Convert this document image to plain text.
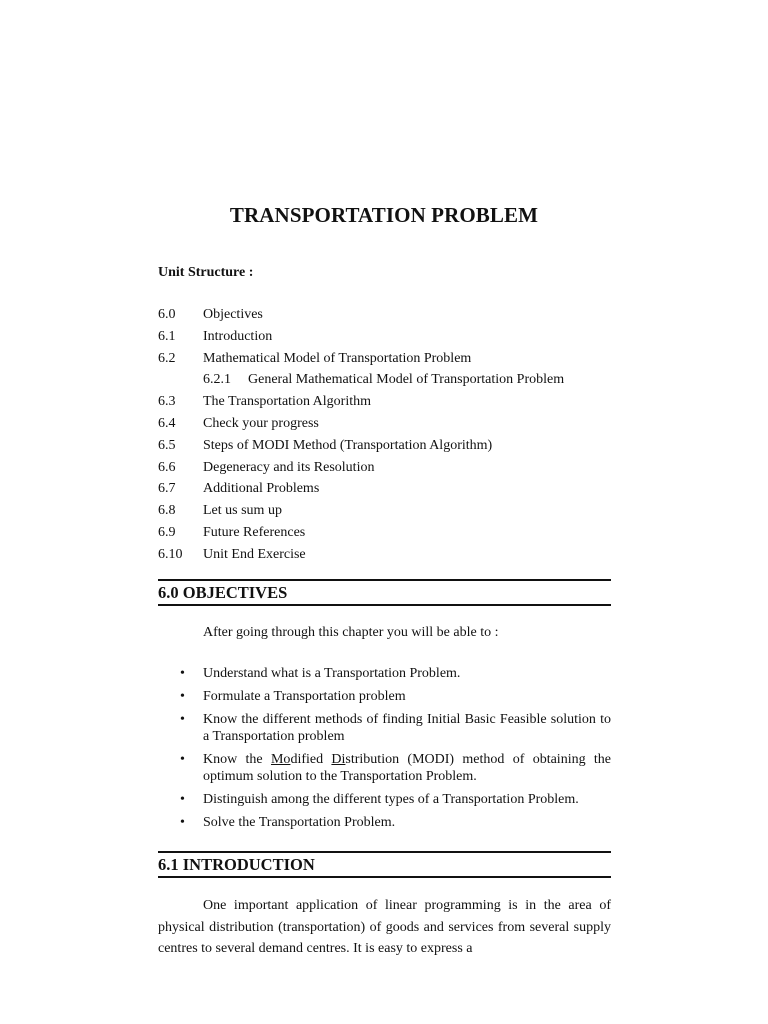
TRANSPORTATION PROBLEM
Unit Structure :
6.0 Objectives
6.1 Introduction
6.2 Mathematical Model of Transportation Problem
6.2.1 General Mathematical Model of Transportation Problem
6.3 The Transportation Algorithm
6.4 Check your progress
6.5 Steps of MODI Method (Transportation Algorithm)
6.6 Degeneracy and its Resolution
6.7 Additional Problems
6.8 Let us sum up
6.9 Future References
6.10 Unit End Exercise
6.0 OBJECTIVES
After going through this chapter you will be able to :
• Understand what is a Transportation Problem.
• Formulate a Transportation problem
• Know the different methods of finding Initial Basic Feasible solution to a Transportation problem
• Know the Modified Distribution (MODI) method of obtaining the optimum solution to the Transportation Problem.
• Distinguish among the different types of a Transportation Problem.
• Solve the Transportation Problem.
6.1 INTRODUCTION
One important application of linear programming is in the area of physical distribution (transportation) of goods and services from several supply centres to several demand centres. It is easy to express a
